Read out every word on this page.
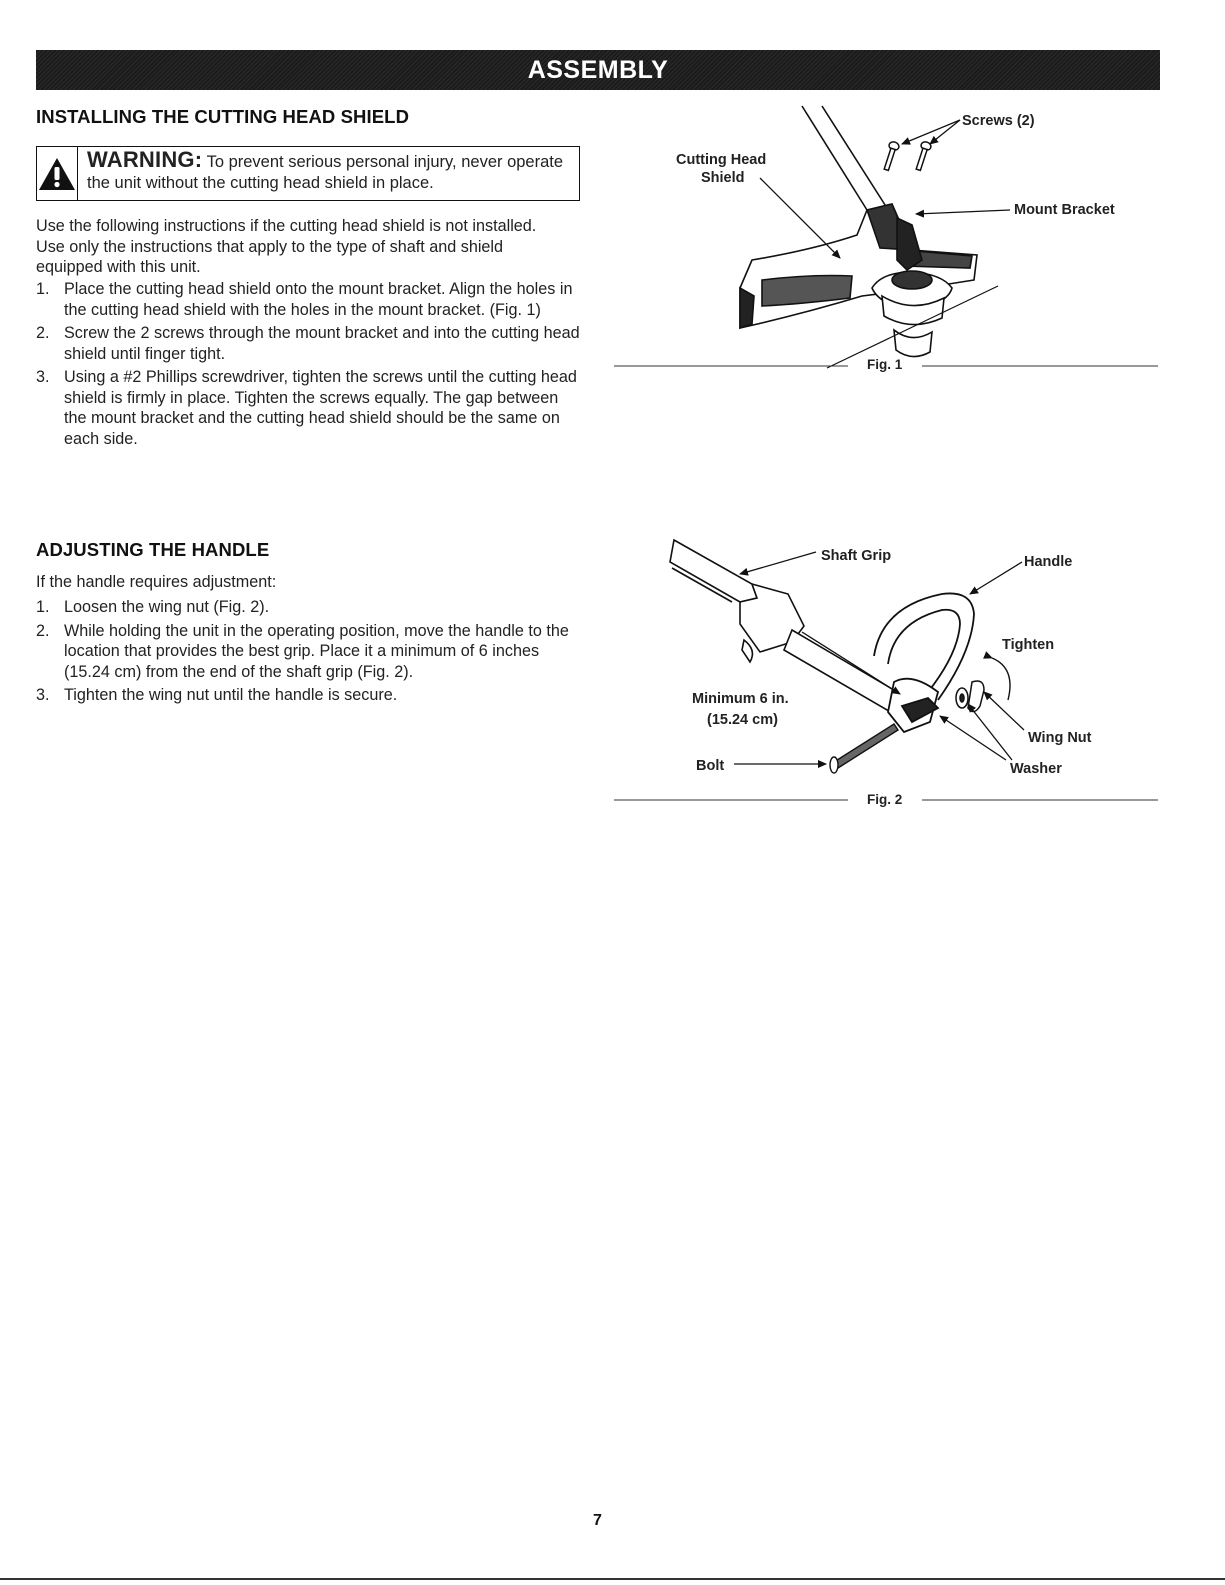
ASSEMBLY
INSTALLING THE CUTTING HEAD SHIELD
WARNING: To prevent serious personal injury, never operate the unit without the cutting head shield in place.

Use the following instructions if the cutting head shield is not installed. Use only the instructions that apply to the type of shaft and shield equipped with this unit.

1. Place the cutting head shield onto the mount bracket. Align the holes in the cutting head shield with the holes in the mount bracket. (Fig. 1)
2. Screw the 2 screws through the mount bracket and into the cutting head shield until finger tight.
3. Using a #2 Phillips screwdriver, tighten the screws until the cutting head shield is firmly in place. Tighten the screws equally. The gap between the mount bracket and the cutting head shield should be the same on each side.
Screws (2)
Cutting Head
Shield
Mount Bracket
Fig. 1
ADJUSTING THE HANDLE

If the handle requires adjustment:

1. Loosen the wing nut (Fig. 2).
2. While holding the unit in the operating position, move the handle to the location that provides the best grip. Place it a minimum of 6 inches (15.24 cm) from the end of the shaft grip (Fig. 2).
3. Tighten the wing nut until the handle is secure.
Shaft Grip	Handle
Tighten
Minimum 6 in.
(15.24 cm)
Wing Nut
Bolt	Washer
Fig. 2
7
